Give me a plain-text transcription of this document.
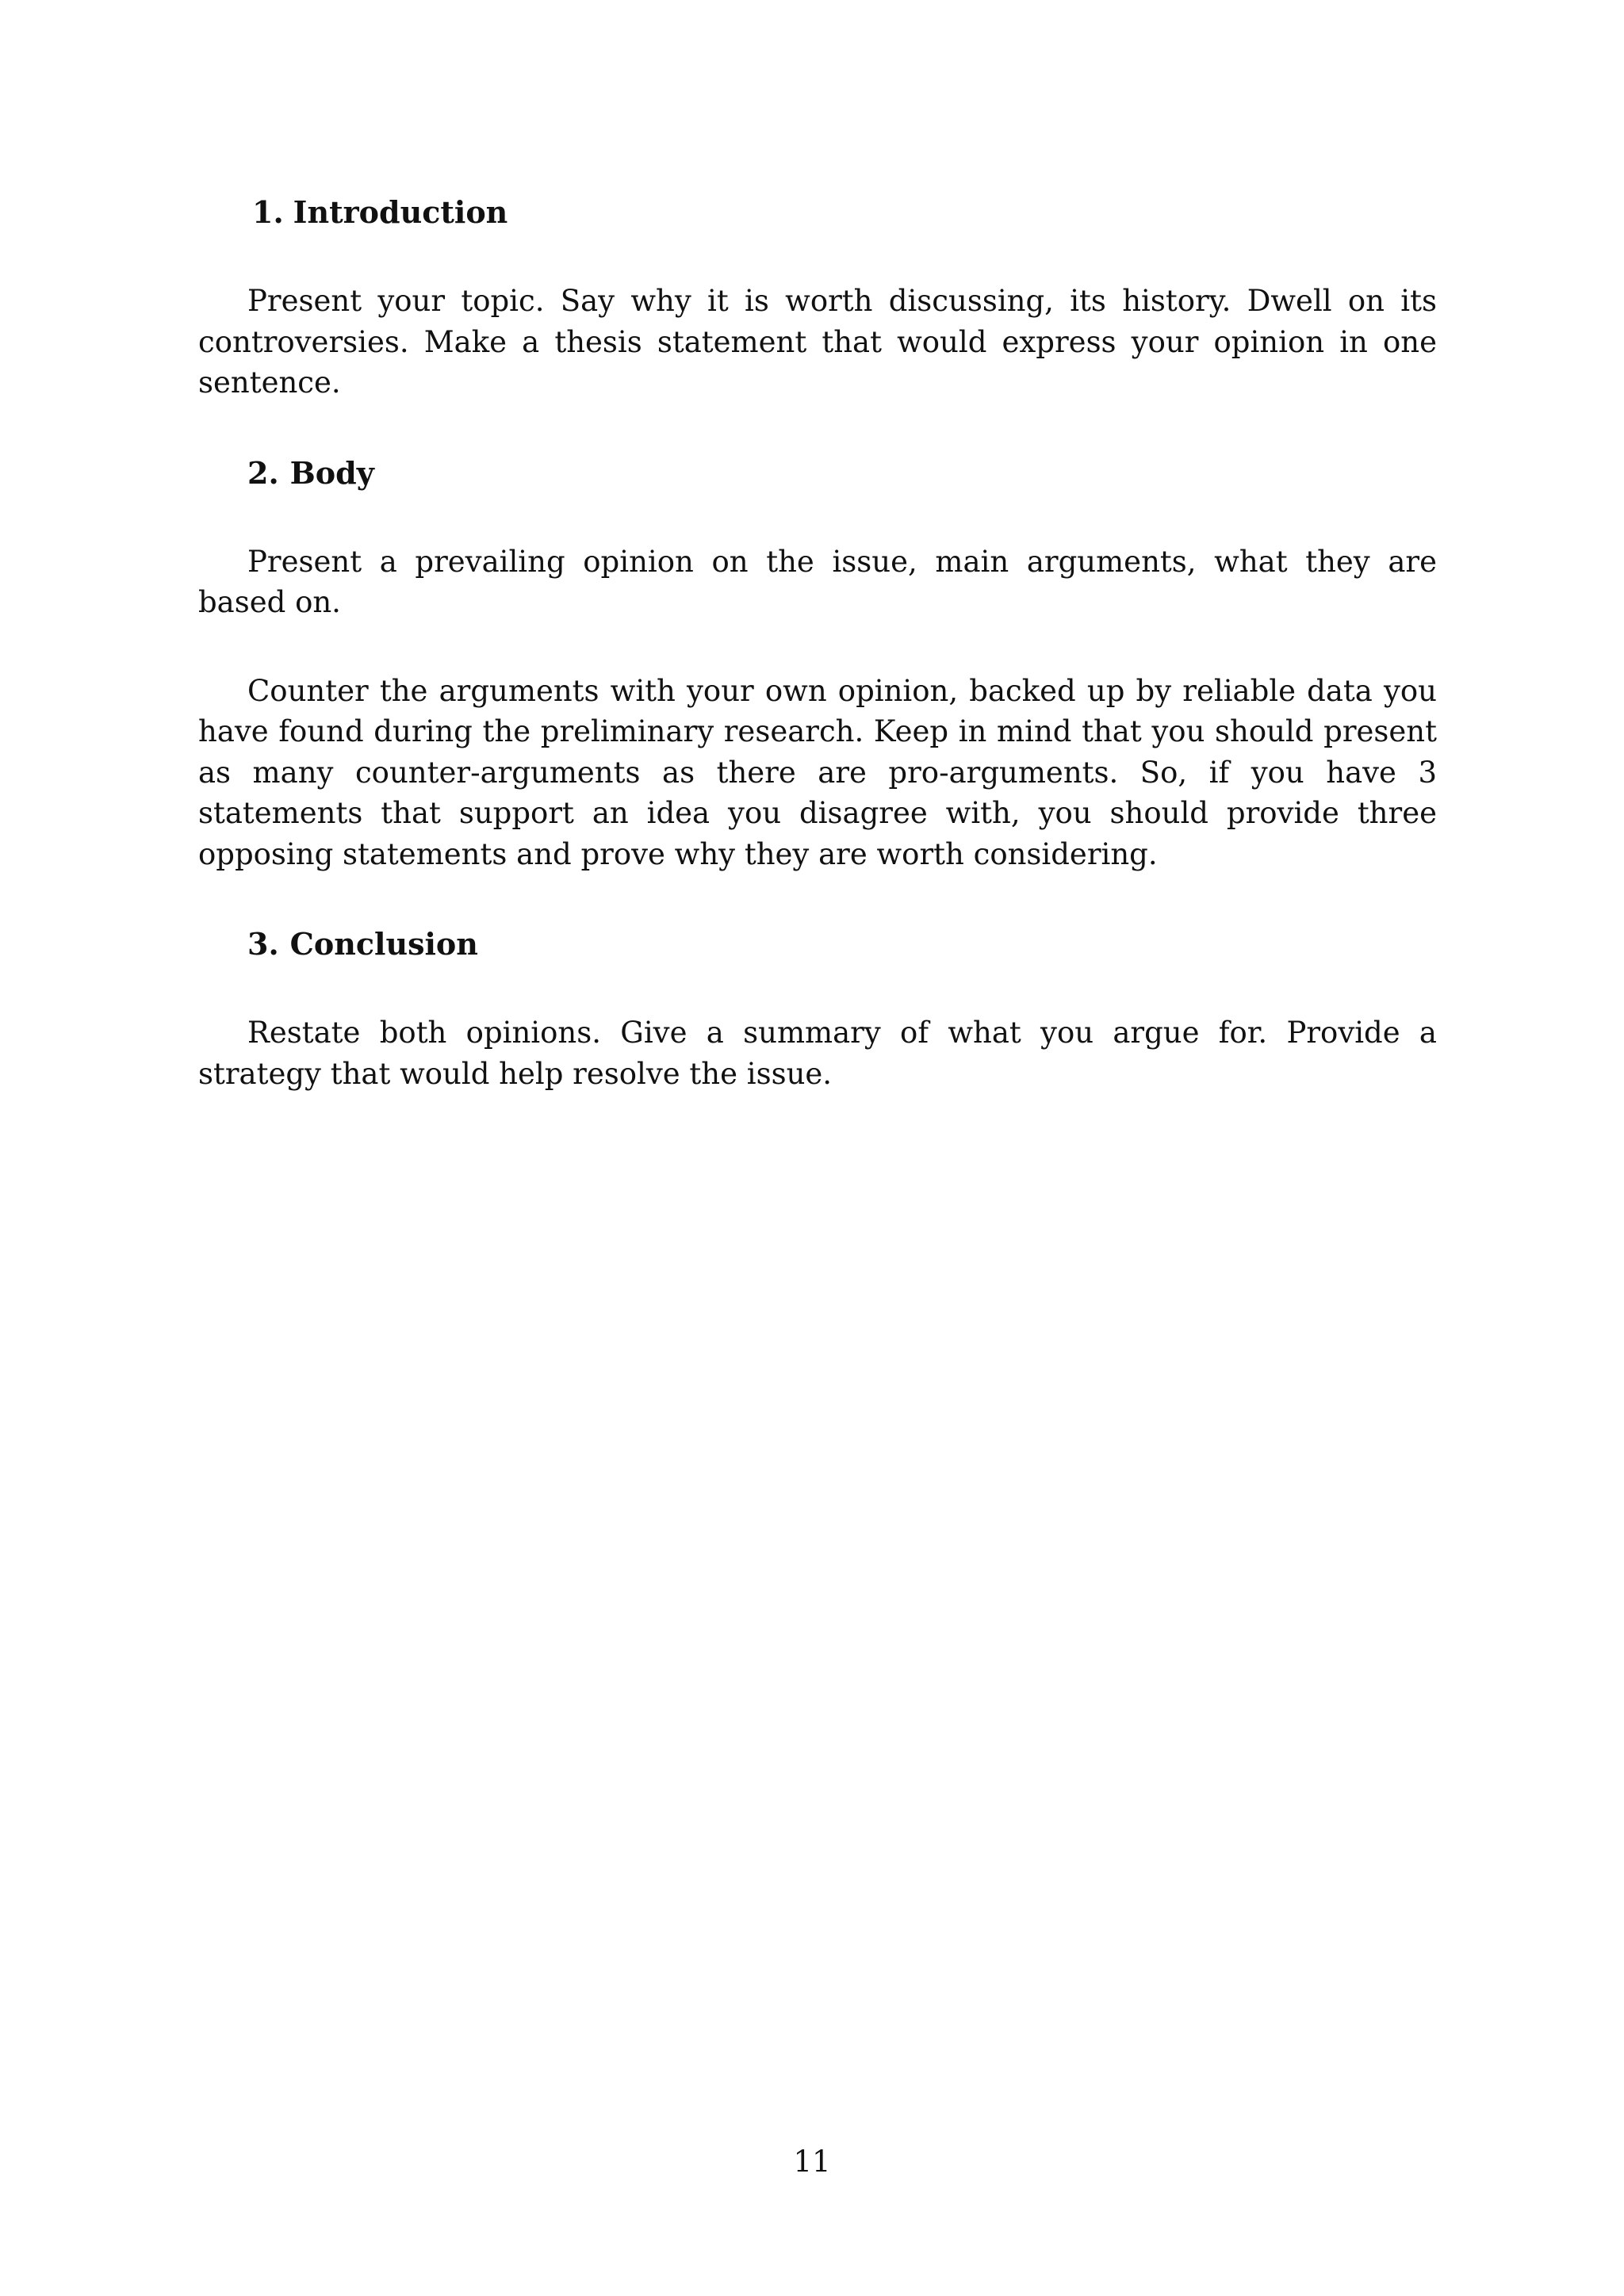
1. Introduction

Present your topic. Say why it is worth discussing, its history. Dwell on its controversies. Make a thesis statement that would express your opinion in one sentence.

2. Body

Present a prevailing opinion on the issue, main arguments, what they are based on.

Counter the arguments with your own opinion, backed up by reliable data you have found during the preliminary research. Keep in mind that you should present as many counter-arguments as there are pro-arguments. So, if you have 3 statements that support an idea you disagree with, you should provide three opposing statements and prove why they are worth considering.

3. Conclusion

Restate both opinions. Give a summary of what you argue for. Provide a strategy that would help resolve the issue.

11
